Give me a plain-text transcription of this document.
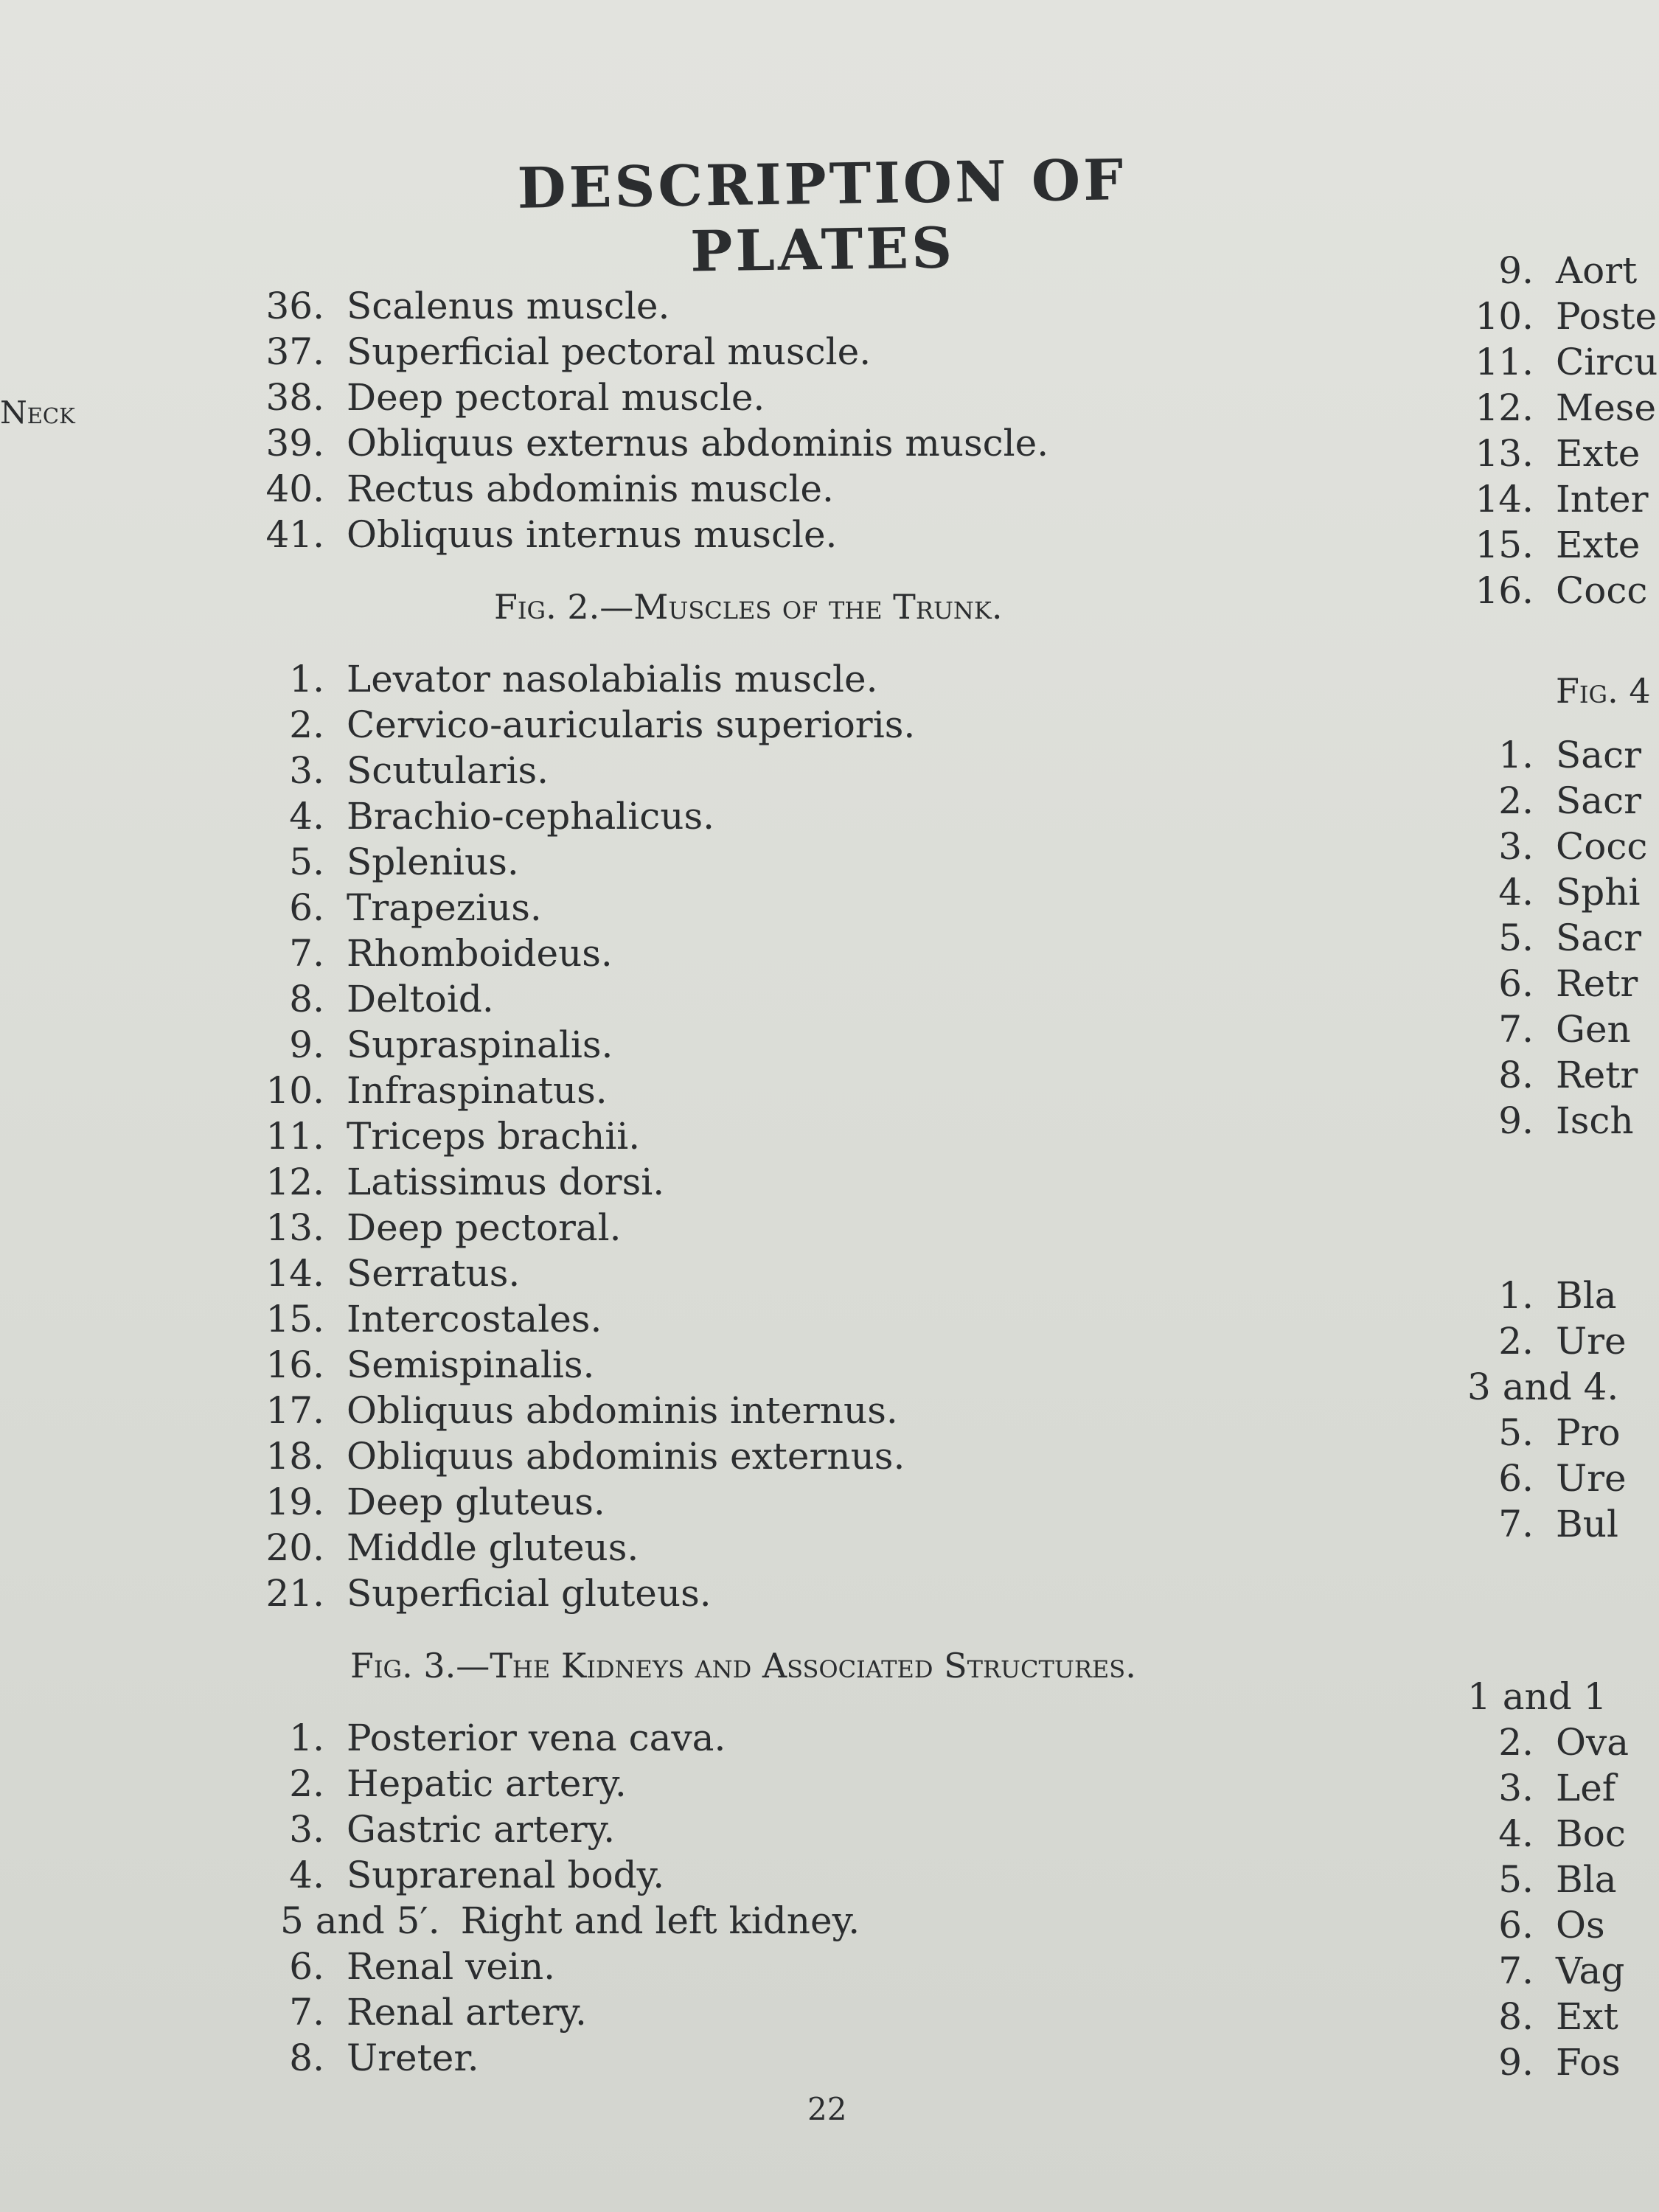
DESCRIPTION OF PLATES
Neck
36. Scalenus muscle.
37. Superficial pectoral muscle.
38. Deep pectoral muscle.
39. Obliquus externus abdominis muscle.
40. Rectus abdominis muscle.
41. Obliquus internus muscle.
Fig. 2.—Muscles of the Trunk.
1. Levator nasolabialis muscle.
2. Cervico-auricularis superioris.
3. Scutularis.
4. Brachio-cephalicus.
5. Splenius.
6. Trapezius.
7. Rhomboideus.
8. Deltoid.
9. Supraspinalis.
10. Infraspinatus.
11. Triceps brachii.
12. Latissimus dorsi.
13. Deep pectoral.
14. Serratus.
15. Intercostales.
16. Semispinalis.
17. Obliquus abdominis internus.
18. Obliquus abdominis externus.
19. Deep gluteus.
20. Middle gluteus.
21. Superficial gluteus.
Fig. 3.—The Kidneys and Associated Structures.
1. Posterior vena cava.
2. Hepatic artery.
3. Gastric artery.
4. Suprarenal body.
5 and 5′. Right and left kidney.
6. Renal vein.
7. Renal artery.
8. Ureter.
22
9. Aort
10. Poste
11. Circu
12. Mese
13. Exte
14. Inter
15. Exte
16. Cocc
Fig. 4
1. Sacr
2. Sacr
3. Cocc
4. Sphi
5. Sacr
6. Retr
7. Gen
8. Retr
9. Isch
1. Bla
2. Ure
3 and 4.
5. Pro
6. Ure
7. Bul
1 and 1
2. Ova
3. Lef
4. Boc
5. Bla
6. Os
7. Vag
8. Ext
9. Fos
